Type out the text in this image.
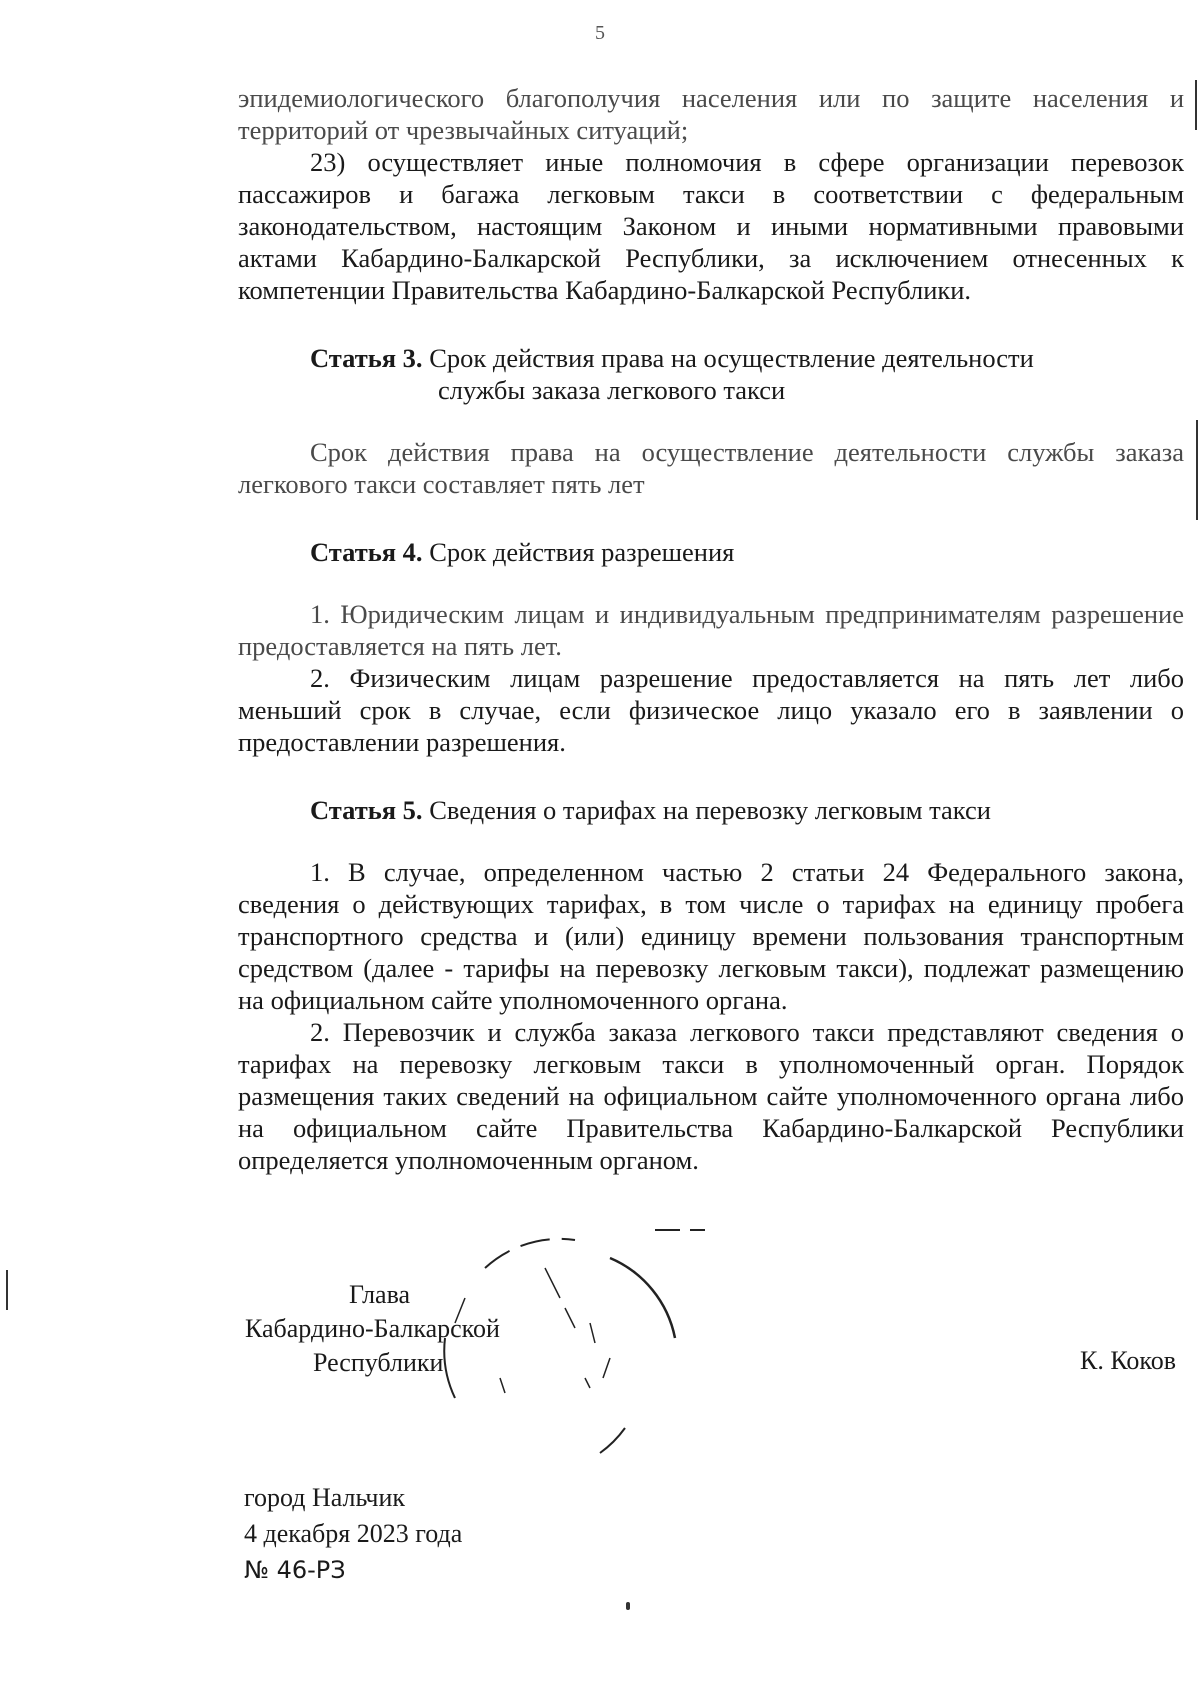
5

эпидемиологического благополучия населения или по защите населения и территорий от чрезвычайных ситуаций;

23) осуществляет иные полномочия в сфере организации перевозок пассажиров и багажа легковым такси в соответствии с федеральным законодательством, настоящим Законом и иными нормативными правовыми актами Кабардино-Балкарской Республики, за исключением отнесенных к компетенции Правительства Кабардино-Балкарской Республики.

Статья 3. Срок действия права на осуществление деятельности
службы заказа легкового такси

Срок действия права на осуществление деятельности службы заказа легкового такси составляет пять лет

Статья 4. Срок действия разрешения

1. Юридическим лицам и индивидуальным предпринимателям разрешение предоставляется на пять лет.

2. Физическим лицам разрешение предоставляется на пять лет либо меньший срок в случае, если физическое лицо указало его в заявлении о предоставлении разрешения.

Статья 5. Сведения о тарифах на перевозку легковым такси

1. В случае, определенном частью 2 статьи 24 Федерального закона, сведения о действующих тарифах, в том числе о тарифах на единицу пробега транспортного средства и (или) единицу времени пользования транспортным средством (далее - тарифы на перевозку легковым такси), подлежат размещению на официальном сайте уполномоченного органа.

2. Перевозчик и служба заказа легкового такси представляют сведения о тарифах на перевозку легковым такси в уполномоченный орган. Порядок размещения таких сведений на официальном сайте уполномоченного органа либо на официальном сайте Правительства Кабардино-Балкарской Республики определяется уполномоченным органом.

Глава
Кабардино-Балкарской
Республики	К. Коков
город Нальчик
4 декабря 2023 года
№ 46-РЗ
